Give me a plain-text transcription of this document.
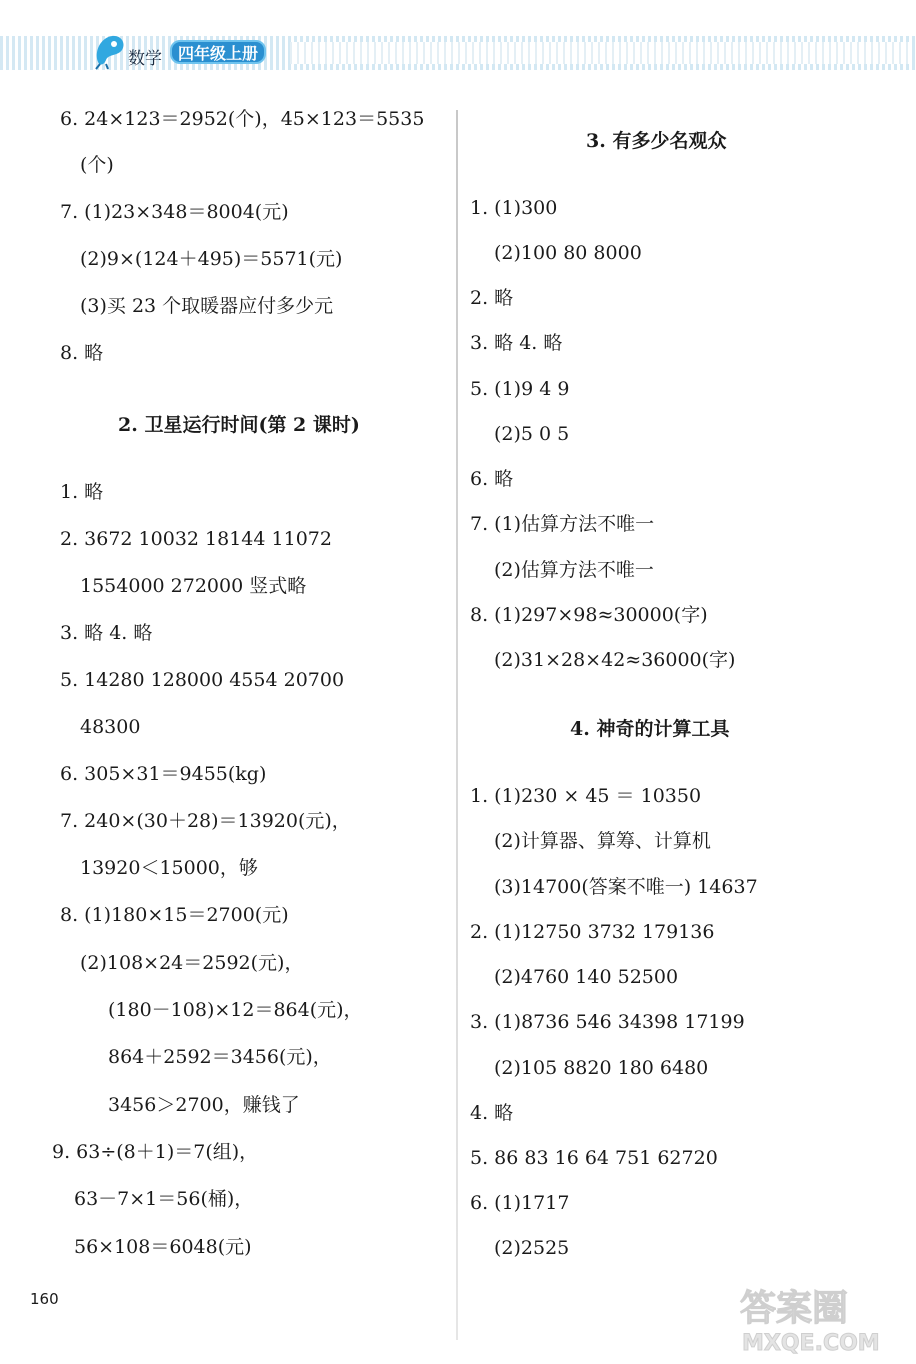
数学	四年级上册
6. 24×123＝2952(个)，45×123＝5535
(个)
7. (1)23×348＝8004(元)
(2)9×(124＋495)＝5571(元)
(3)买 23 个取暖器应付多少元
8. 略
2. 卫星运行时间(第 2 课时)
1. 略
2. 3672 10032 18144 11072
1554000 272000 竖式略
3. 略 4. 略
5. 14280 128000 4554 20700
48300
6. 305×31＝9455(kg)
7. 240×(30＋28)＝13920(元)，
13920＜15000，够
8. (1)180×15＝2700(元)
(2)108×24＝2592(元)，
(180－108)×12＝864(元)，
864＋2592＝3456(元)，
3456＞2700，赚钱了
9. 63÷(8＋1)＝7(组)，
63－7×1＝56(桶)，
56×108＝6048(元)
3. 有多少名观众
1. (1)300
(2)100 80 8000
2. 略
3. 略 4. 略
5. (1)9 4 9
(2)5 0 5
6. 略
7. (1)估算方法不唯一
(2)估算方法不唯一
8. (1)297×98≈30000(字)
(2)31×28×42≈36000(字)
4. 神奇的计算工具
1. (1)230 × 45 ＝ 10350
(2)计算器、算筹、计算机
(3)14700(答案不唯一) 14637
2. (1)12750 3732 179136
(2)4760 140 52500
3. (1)8736 546 34398 17199
(2)105 8820 180 6480
4. 略
5. 86 83 16 64 751 62720
6. (1)1717
(2)2525
160	答案圈
MXQE.COM
